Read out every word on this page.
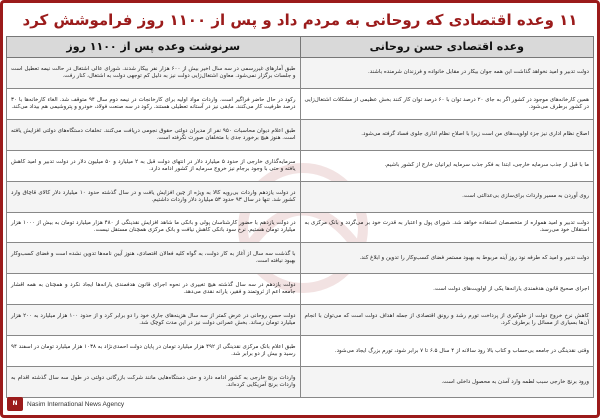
۱۱ وعده اقتصادی که روحانی به مردم داد و پس از ۱۱۰۰ روز فراموشش کرد
وعده اقتصادی حسن روحانی
سرنوشت وعده پس از ۱۱۰۰ روز
دولت تدبیر و امید نخواهد گذاشت این همه جوان بیکار در مقابل خانواده و فرزندان شرمنده باشند.
طبق آمارهای غیررسمی در سه سال اخیر بیش از ۶۰۰ هزار نفر بیکار شدند. شورای عالی اشتغال در حالت نیمه تعطیل است و جلسات برگزار نمی‌شود. معاون اشتغال‌زایی دولت نیز به دلیل کم توجهی دولت به اشتغال، کنار رفت.
همین کارخانه‌های موجود در کشور اگر به جای ۲۰ درصد توان با ۶۰ درصد توان کار کنند بخش عظیمی از مشکلات اشتغال‌زایی در کشور برطرف می‌شود.
رکود در حال حاضر فراگیر است. واردات مواد اولیه برای کارخانجات در نیمه دوم سال ۹۴ متوقف شد. الغاء کارخانه‌ها با ۳۰ درصد ظرفیت کار می‌کنند. مابقی نیز در آستانه تعطیلی هستند. رکود در سه صنعت فولاد، خودرو و پتروشیمی هم بیداد می‌کند.
اصلاح نظام اداری نیز جزء اولویت‌های من است زیرا با اصلاح نظام اداری جلوی فساد گرفته می‌شود.
طبق اعلام دیوان محاسبات ۹۵۰ نفر از مدیران دولتی حقوق نجومی دریافت می‌کنند. تخلفات دستگاه‌های دولتی افزایش یافته است. هنوز هیچ برخورد جدی با متخلفان صورت نگرفته است.
ما با قبل از جذب سرمایه خارجی، ابتدا به فکر جذب سرمایه ایرانیان خارج از کشور باشیم.
سرمایه‌گذاری خارجی از حدود ۵ میلیارد دلار در انتهای دولت قبل به ۲ میلیارد و ۵۰ میلیون دلار در دولت تدبیر و امید کاهش یافته و حتی با وجود برجام نیز خروج سرمایه از کشور ادامه دارد.
روی آوردن به مسیر واردات برای‌سازی بی‌عدالتی است.
در دولت یازدهم واردات بی‌رویه کالا به ویژه از چین افزایش یافت و در سال گذشته حدود ۱۰ میلیارد دلار کالای قاچاق وارد کشور شد. تنها در سال ۹۳ حدود ۵۳ میلیارد دلار واردات داشتیم.
دولت تدبیر و امید همواره از متخصصان استفاده خواهد شد. شورای پول و اعتبار به قدرت خود بر می‌گردد و بانک مرکزی به استقلال خود می‌رسد.
در دولت یازدهم با حضور کارشناسان پولی و بانکی ما شاهد افزایش نقدینگی از ۴۸۰ هزار میلیارد تومان به بیش از ۱۰۰۰ هزار میلیارد تومان هستیم. نرخ سود بانکی کاهش نیافت و بانک مرکزی همچنان مستقل نیست.
دولت تدبیر و امید که طرفه نود روز آینه مربوط به بهبود مستمر فضای کسب‌وکار را تدوین و ابلاغ کند.
با گذشت سه سال از آغاز به کار دولت، به گواه کلیه فعالان اقتصادی، هنوز آیین نامه‌ها تدوین نشده است و فضای کسب‌وکار بهبود نیافته است.
اجرای صحیح قانون هدفمندی یارانه‌ها یکی از اولویت‌های دولت است.
دولت یازدهم در سه سال گذشته هیچ تغییری در نحوه اجرای قانون هدفمندی یارانه‌ها ایجاد نکرد و همچنان به همه اقشار جامعه اعم از ثروتمند و فقیر، یارانه نقدی می‌دهد.
کاهش نرخ خروج دولت از خلوکیری از پرداخت تورم رشد و رونق اقتصادی از جمله اهداف دولت است که می‌توان با انجام آن‌ها بسیاری از مسائل را برطرف کرد.
دولت حسن روحانی در عرض کمتر از سه سال هزینه‌های جاری خود را دو برابر کرد و از حدود ۱۰۰ هزار میلیارد به ۲۰۰ هزار میلیارد تومان رساند. بخش عمرانی دولت نیز در این مدت کوچک شد.
وقتی نقدینگی در جامعه بی‌حساب و کتاب بالا رود سالانه از ۴ سال ۶.۵ تا ۷ برابر شود، تورم بزرگ ایجاد می‌شود.
طبق اعلام بانک مرکزی نقدینگی از ۴۹۲ هزار میلیارد تومان در پایان دولت احمدی‌نژاد به ۱۰۳۸ هزار میلیارد تومان در اسفند ۹۴ رسید و بیش از دو برابر شد.
ورود برنج خارجی سبب لطمه وارد آمدن به محصول داخلی است.
واردات برنج خارجی به کشور ادامه دارد و حتی دستگاه‌هایی مانند شرکت بازرگانی دولتی در طول سه سال گذشته اقدام به واردات برنج آمریکایی کرده‌اند.
N	Nasim International News Agency
